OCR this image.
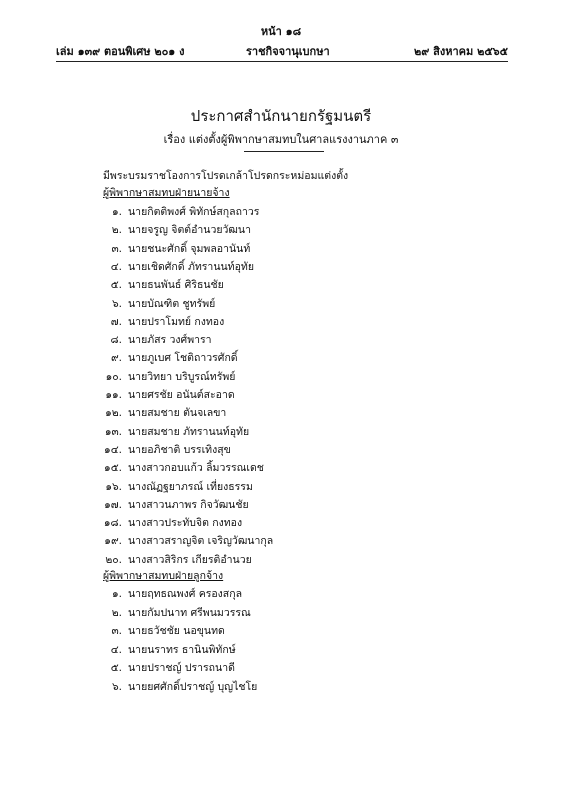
หน้า ๑๘
เล่ม ๑๓๙ ตอนพิเศษ ๒๐๑ ง	ราชกิจจานุเบกษา	๒๙ สิงหาคม ๒๕๖๕
ประกาศสำนักนายกรัฐมนตรี
เรื่อง แต่งตั้งผู้พิพากษาสมทบในศาลแรงงานภาค ๓
มีพระบรมราชโองการโปรดเกล้าโปรดกระหม่อมแต่งตั้ง
ผู้พิพากษาสมทบฝ่ายนายจ้าง
๑. นายกิตติพงศ์ พิทักษ์สกุลถาวร
๒. นายจรูญ จิตต์อำนวยวัฒนา
๓. นายชนะศักดิ์ จุมพลอานันท์
๔. นายเชิดศักดิ์ ภัทรานนท์อุทัย
๕. นายธนพันธ์ ศิริธนชัย
๖. นายบัณฑิต ชูทรัพย์
๗. นายปราโมทย์ กงทอง
๘. นายภัสร วงศ์พารา
๙. นายภูเบศ โชติถาวรศักดิ์
๑๐. นายวิทยา บริบูรณ์ทรัพย์
๑๑. นายศรชัย อนันต์สะอาด
๑๒. นายสมชาย ตันจเลขา
๑๓. นายสมชาย ภัทรานนท์อุทัย
๑๔. นายอภิชาติ บรรเทิงสุข
๑๕. นางสาวกอบแก้ว ลิ้มวรรณเดช
๑๖. นางณัฏฐยาภรณ์ เที่ยงธรรม
๑๗. นางสาวนภาพร กิจวัฒนชัย
๑๘. นางสาวประทับจิต กงทอง
๑๙. นางสาวสราญจิต เจริญวัฒนากุล
๒๐. นางสาวสิริกร เกียรติอำนวย
ผู้พิพากษาสมทบฝ่ายลูกจ้าง
๑. นายฤทธณพงศ์ ครองสกุล
๒. นายกัมปนาท ศรีพนมวรรณ
๓. นายธวัชชัย นอขุนทด
๔. นายนราทร ธานินพิทักษ์
๕. นายปราชญ์ ปรารถนาดี
๖. นายยศศักดิ์ปราชญ์ บุญไชโย
